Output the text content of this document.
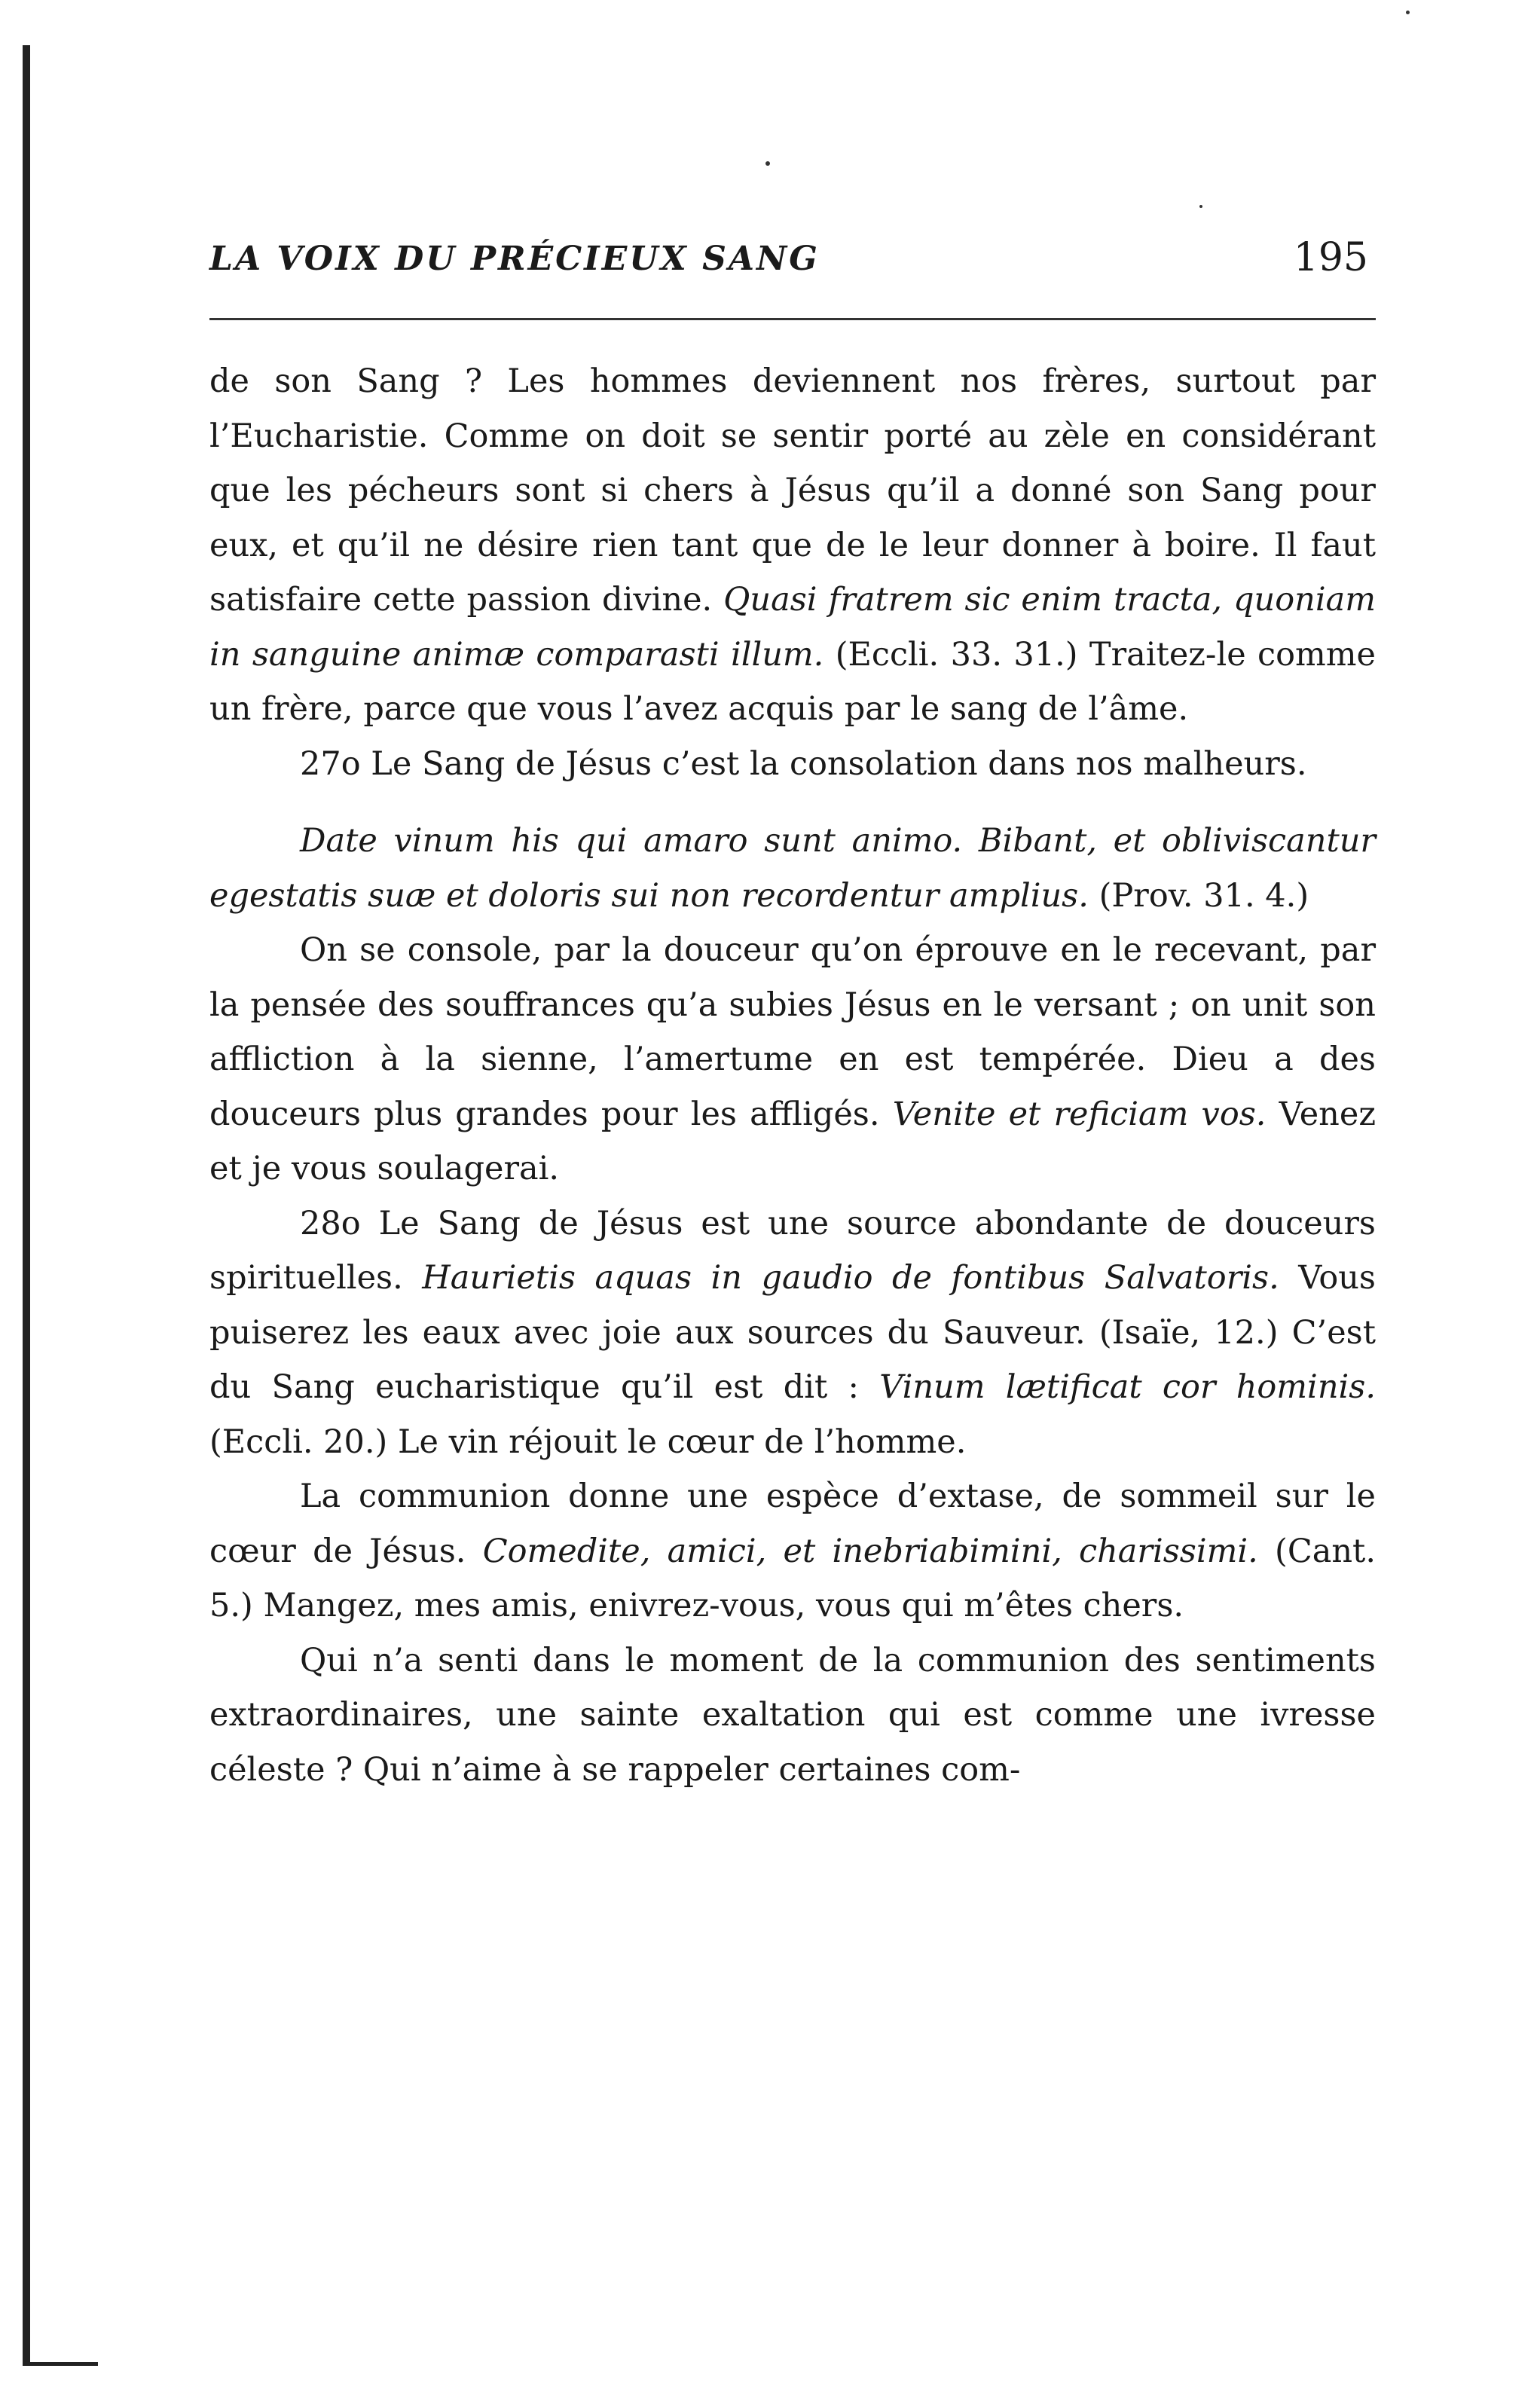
LA VOIX DU PRÉCIEUX SANG	195

de son Sang ? Les hommes deviennent nos frères, surtout par l’Eucharistie. Comme on doit se sentir porté au zèle en considérant que les pécheurs sont si chers à Jésus qu’il a donné son Sang pour eux, et qu’il ne désire rien tant que de le leur donner à boire. Il faut satisfaire cette passion divine. Quasi fratrem sic enim tracta, quoniam in sanguine animæ comparasti illum. (Eccli. 33. 31.) Traitez-le comme un frère, parce que vous l’avez acquis par le sang de l’âme.

27o Le Sang de Jésus c’est la consolation dans nos malheurs.

Date vinum his qui amaro sunt animo. Bibant, et obliviscantur egestatis suæ et doloris sui non recordentur amplius. (Prov. 31. 4.)

On se console, par la douceur qu’on éprouve en le recevant, par la pensée des souffrances qu’a subies Jésus en le versant ; on unit son affliction à la sienne, l’amertume en est tempérée. Dieu a des douceurs plus grandes pour les affligés. Venite et reficiam vos. Venez et je vous soulagerai.

28o Le Sang de Jésus est une source abondante de douceurs spirituelles. Haurietis aquas in gaudio de fontibus Salvatoris. Vous puiserez les eaux avec joie aux sources du Sauveur. (Isaïe, 12.) C’est du Sang eucharistique qu’il est dit : Vinum lætificat cor hominis. (Eccli. 20.) Le vin réjouit le cœur de l’homme.

La communion donne une espèce d’extase, de sommeil sur le cœur de Jésus. Comedite, amici, et inebriabimini, charissimi. (Cant. 5.) Mangez, mes amis, enivrez-vous, vous qui m’êtes chers.

Qui n’a senti dans le moment de la communion des sentiments extraordinaires, une sainte exaltation qui est comme une ivresse céleste ? Qui n’aime à se rappeler certaines com-
